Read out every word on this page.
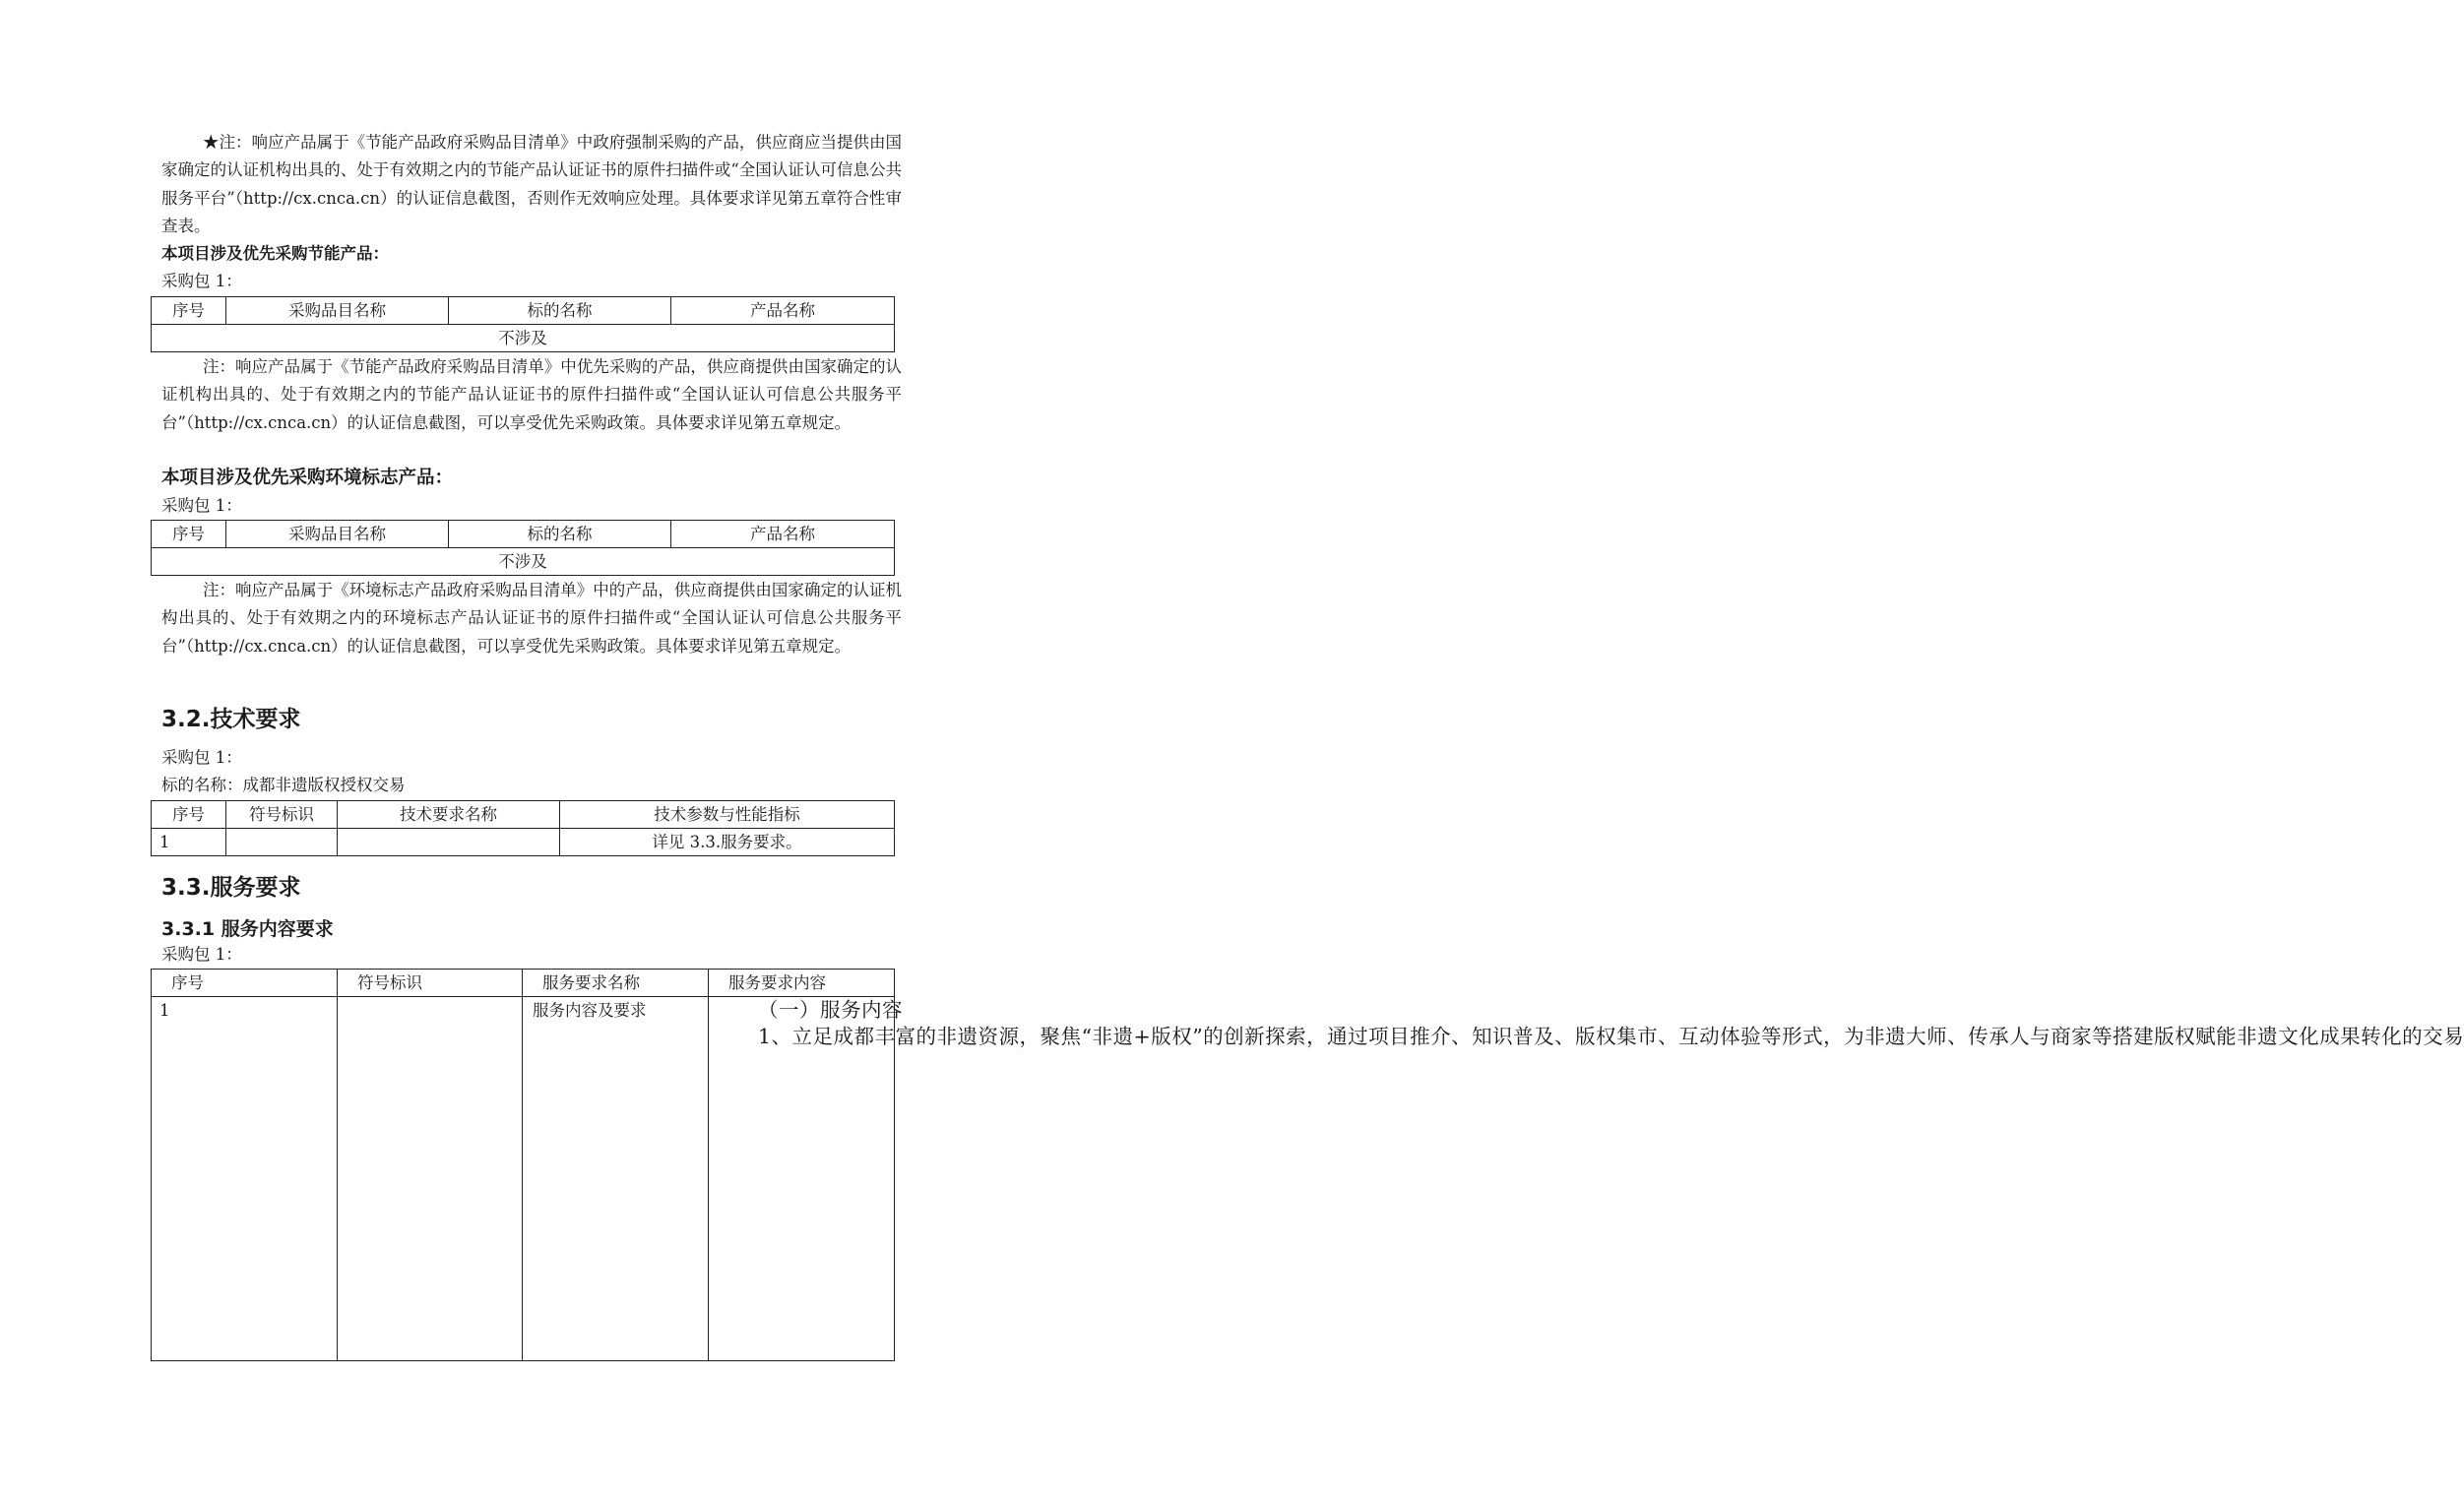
★注：响应产品属于《节能产品政府采购品目清单》中政府强制采购的产品，供应商应当提供由国家确定的认证机构出具的、处于有效期之内的节能产品认证证书的原件扫描件或“全国认证认可信息公共服务平台”（http://cx.cnca.cn）的认证信息截图，否则作无效响应处理。具体要求详见第五章符合性审查表。

本项目涉及优先采购节能产品：

采购包 1：

序号	采购品目名称	标的名称	产品名称
不涉及
注：响应产品属于《节能产品政府采购品目清单》中优先采购的产品，供应商提供由国家确定的认证机构出具的、处于有效期之内的节能产品认证证书的原件扫描件或“全国认证认可信息公共服务平台”（http://cx.cnca.cn）的认证信息截图，可以享受优先采购政策。具体要求详见第五章规定。

本项目涉及优先采购环境标志产品：

采购包 1：

序号	采购品目名称	标的名称	产品名称
不涉及
注：响应产品属于《环境标志产品政府采购品目清单》中的产品，供应商提供由国家确定的认证机构出具的、处于有效期之内的环境标志产品认证证书的原件扫描件或“全国认证认可信息公共服务平台”（http://cx.cnca.cn）的认证信息截图，可以享受优先采购政策。具体要求详见第五章规定。

3.2.技术要求

采购包 1：

标的名称：成都非遗版权授权交易

序号	符号标识	技术要求名称	技术参数与性能指标
1			详见 3.3.服务要求。

3.3.服务要求

3.3.1 服务内容要求

采购包 1：

序号	符号标识	服务要求名称	服务要求内容
1		服务内容及要求	（一）服务内容
1、立足成都丰富的非遗资源，聚焦“非遗+版权”的创新探索，通过项目推介、知识普及、版权集市、互动体验等形式，为非遗大师、传承人与商家等搭建版权赋能非遗文化成果转化的交易
